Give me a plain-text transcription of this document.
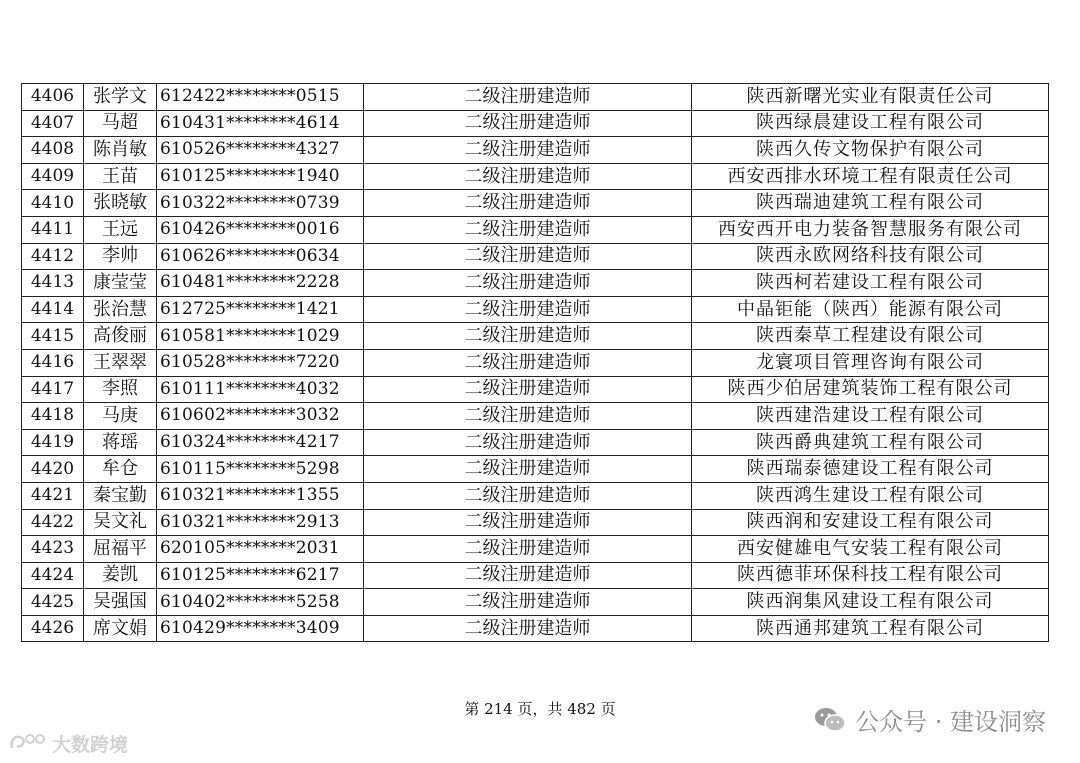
4406	张学文	612422********0515	二级注册建造师	陕西新曙光实业有限责任公司
4407	马超	610431********4614	二级注册建造师	陕西绿晨建设工程有限公司
4408	陈肖敏	610526********4327	二级注册建造师	陕西久传文物保护有限公司
4409	王苗	610125********1940	二级注册建造师	西安西排水环境工程有限责任公司
4410	张晓敏	610322********0739	二级注册建造师	陕西瑞迪建筑工程有限公司
4411	王远	610426********0016	二级注册建造师	西安西开电力装备智慧服务有限公司
4412	李帅	610626********0634	二级注册建造师	陕西永欧网络科技有限公司
4413	康莹莹	610481********2228	二级注册建造师	陕西柯若建设工程有限公司
4414	张治慧	612725********1421	二级注册建造师	中晶钜能（陕西）能源有限公司
4415	高俊丽	610581********1029	二级注册建造师	陕西秦草工程建设有限公司
4416	王翠翠	610528********7220	二级注册建造师	龙寰项目管理咨询有限公司
4417	李照	610111********4032	二级注册建造师	陕西少伯居建筑装饰工程有限公司
4418	马庚	610602********3032	二级注册建造师	陕西建浩建设工程有限公司
4419	蒋瑶	610324********4217	二级注册建造师	陕西爵典建筑工程有限公司
4420	牟仓	610115********5298	二级注册建造师	陕西瑞泰德建设工程有限公司
4421	秦宝勤	610321********1355	二级注册建造师	陕西鸿生建设工程有限公司
4422	吴文礼	610321********2913	二级注册建造师	陕西润和安建设工程有限公司
4423	屈福平	620105********2031	二级注册建造师	西安健雄电气安装工程有限公司
4424	姜凯	610125********6217	二级注册建造师	陕西德菲环保科技工程有限公司
4425	吴强国	610402********5258	二级注册建造师	陕西润集风建设工程有限公司
4426	席文娟	610429********3409	二级注册建造师	陕西通邦建筑工程有限公司
第 214 页，共 482 页	公众号 · 建设洞察
大数跨境
